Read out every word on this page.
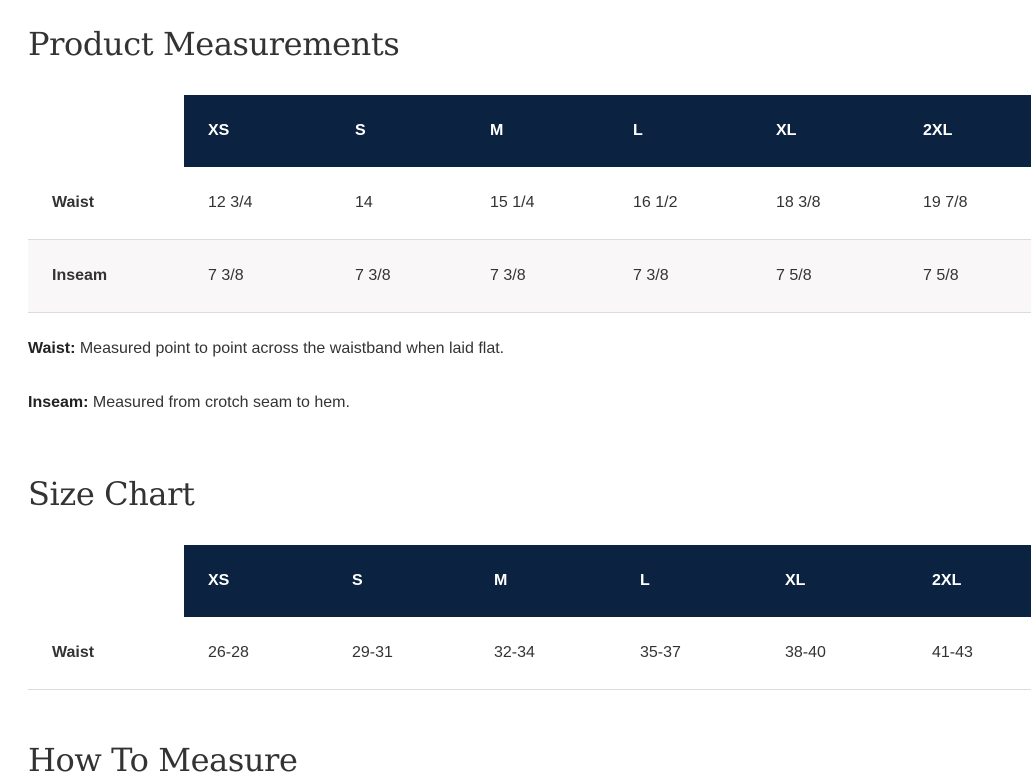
Product Measurements
XS	S	M	L	XL	2XL
Waist	12 3/4	14	15 1/4	16 1/2	18 3/8	19 7/8
Inseam	7 3/8	7 3/8	7 3/8	7 3/8	7 5/8	7 5/8

Waist: Measured point to point across the waistband when laid flat.

Inseam: Measured from crotch seam to hem.

Size Chart
XS	S	M	L	XL	2XL
Waist	26-28	29-31	32-34	35-37	38-40	41-43
How To Measure
